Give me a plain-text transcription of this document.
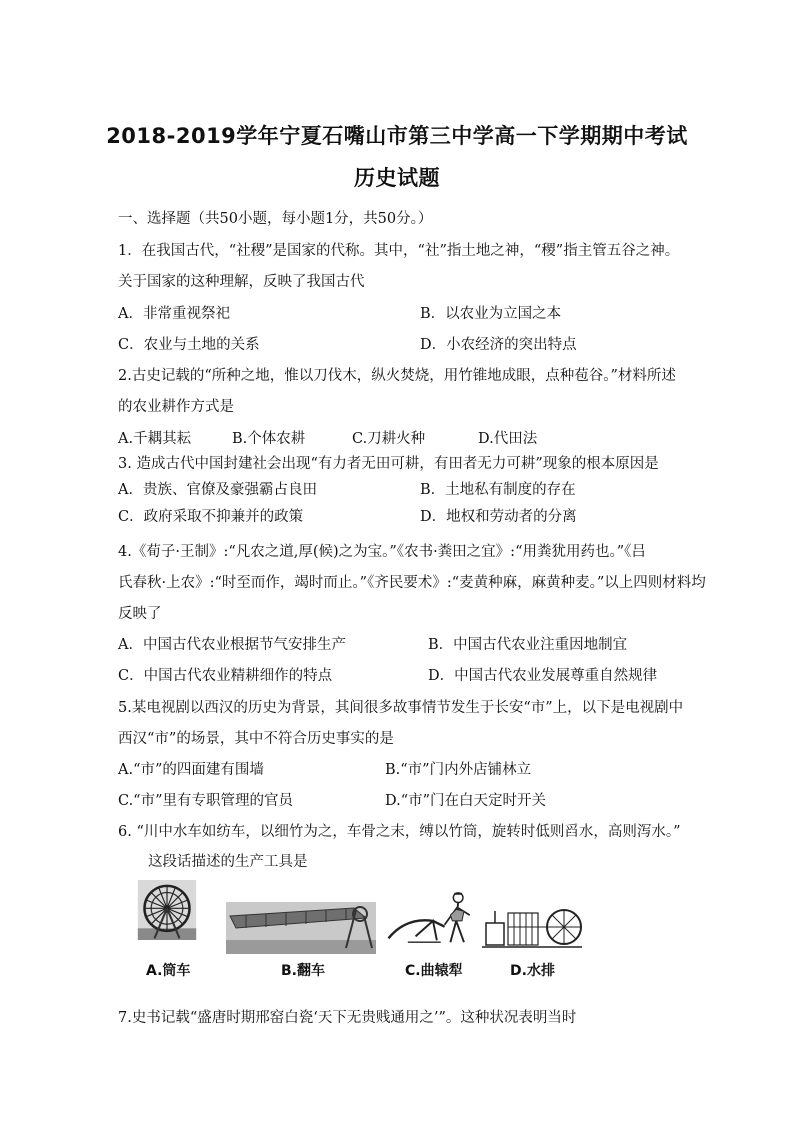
2018-2019学年宁夏石嘴山市第三中学高一下学期期中考试
历史试题
一、选择题（共50小题，每小题1分，共50分。）
1．在我国古代，“社稷”是国家的代称。其中，“社”指土地之神，“稷”指主管五谷之神。
关于国家的这种理解，反映了我国古代
A．非常重视祭祀	B．以农业为立国之本
C．农业与土地的关系	D．小农经济的突出特点
2.古史记载的“所种之地，惟以刀伐木，纵火焚烧，用竹锥地成眼，点种苞谷。”材料所述
的农业耕作方式是
A.千耦其耘	B.个体农耕	C.刀耕火种	D.代田法
3. 造成古代中国封建社会出现“有力者无田可耕，有田者无力可耕”现象的根本原因是
A．贵族、官僚及豪强霸占良田	B．土地私有制度的存在
C．政府采取不抑兼并的政策	D．地权和劳动者的分离
4.《荀子·王制》:“凡农之道,厚(候)之为宝。”《农书·粪田之宜》:“用粪犹用药也。”《吕
氏春秋·上农》:“时至而作，竭时而止。”《齐民要术》:“麦黄种麻，麻黄种麦。”以上四则材料均
反映了
A．中国古代农业根据节气安排生产	B．中国古代农业注重因地制宜
C．中国古代农业精耕细作的特点	D．中国古代农业发展尊重自然规律
5.某电视剧以西汉的历史为背景，其间很多故事情节发生于长安“市”上，以下是电视剧中
西汉“市”的场景，其中不符合历史事实的是
A.“市”的四面建有围墙	B.“市”门内外店铺林立
C.“市”里有专职管理的官员	D.“市”门在白天定时开关
6. “川中水车如纺车，以细竹为之，车骨之末，缚以竹筒，旋转时低则舀水，高则泻水。”
这段话描述的生产工具是
A.筒车	B.翻车	C.曲辕犁	D.水排
7.史书记载“盛唐时期邢窑白瓷‘天下无贵贱通用之’”。这种状况表明当时
